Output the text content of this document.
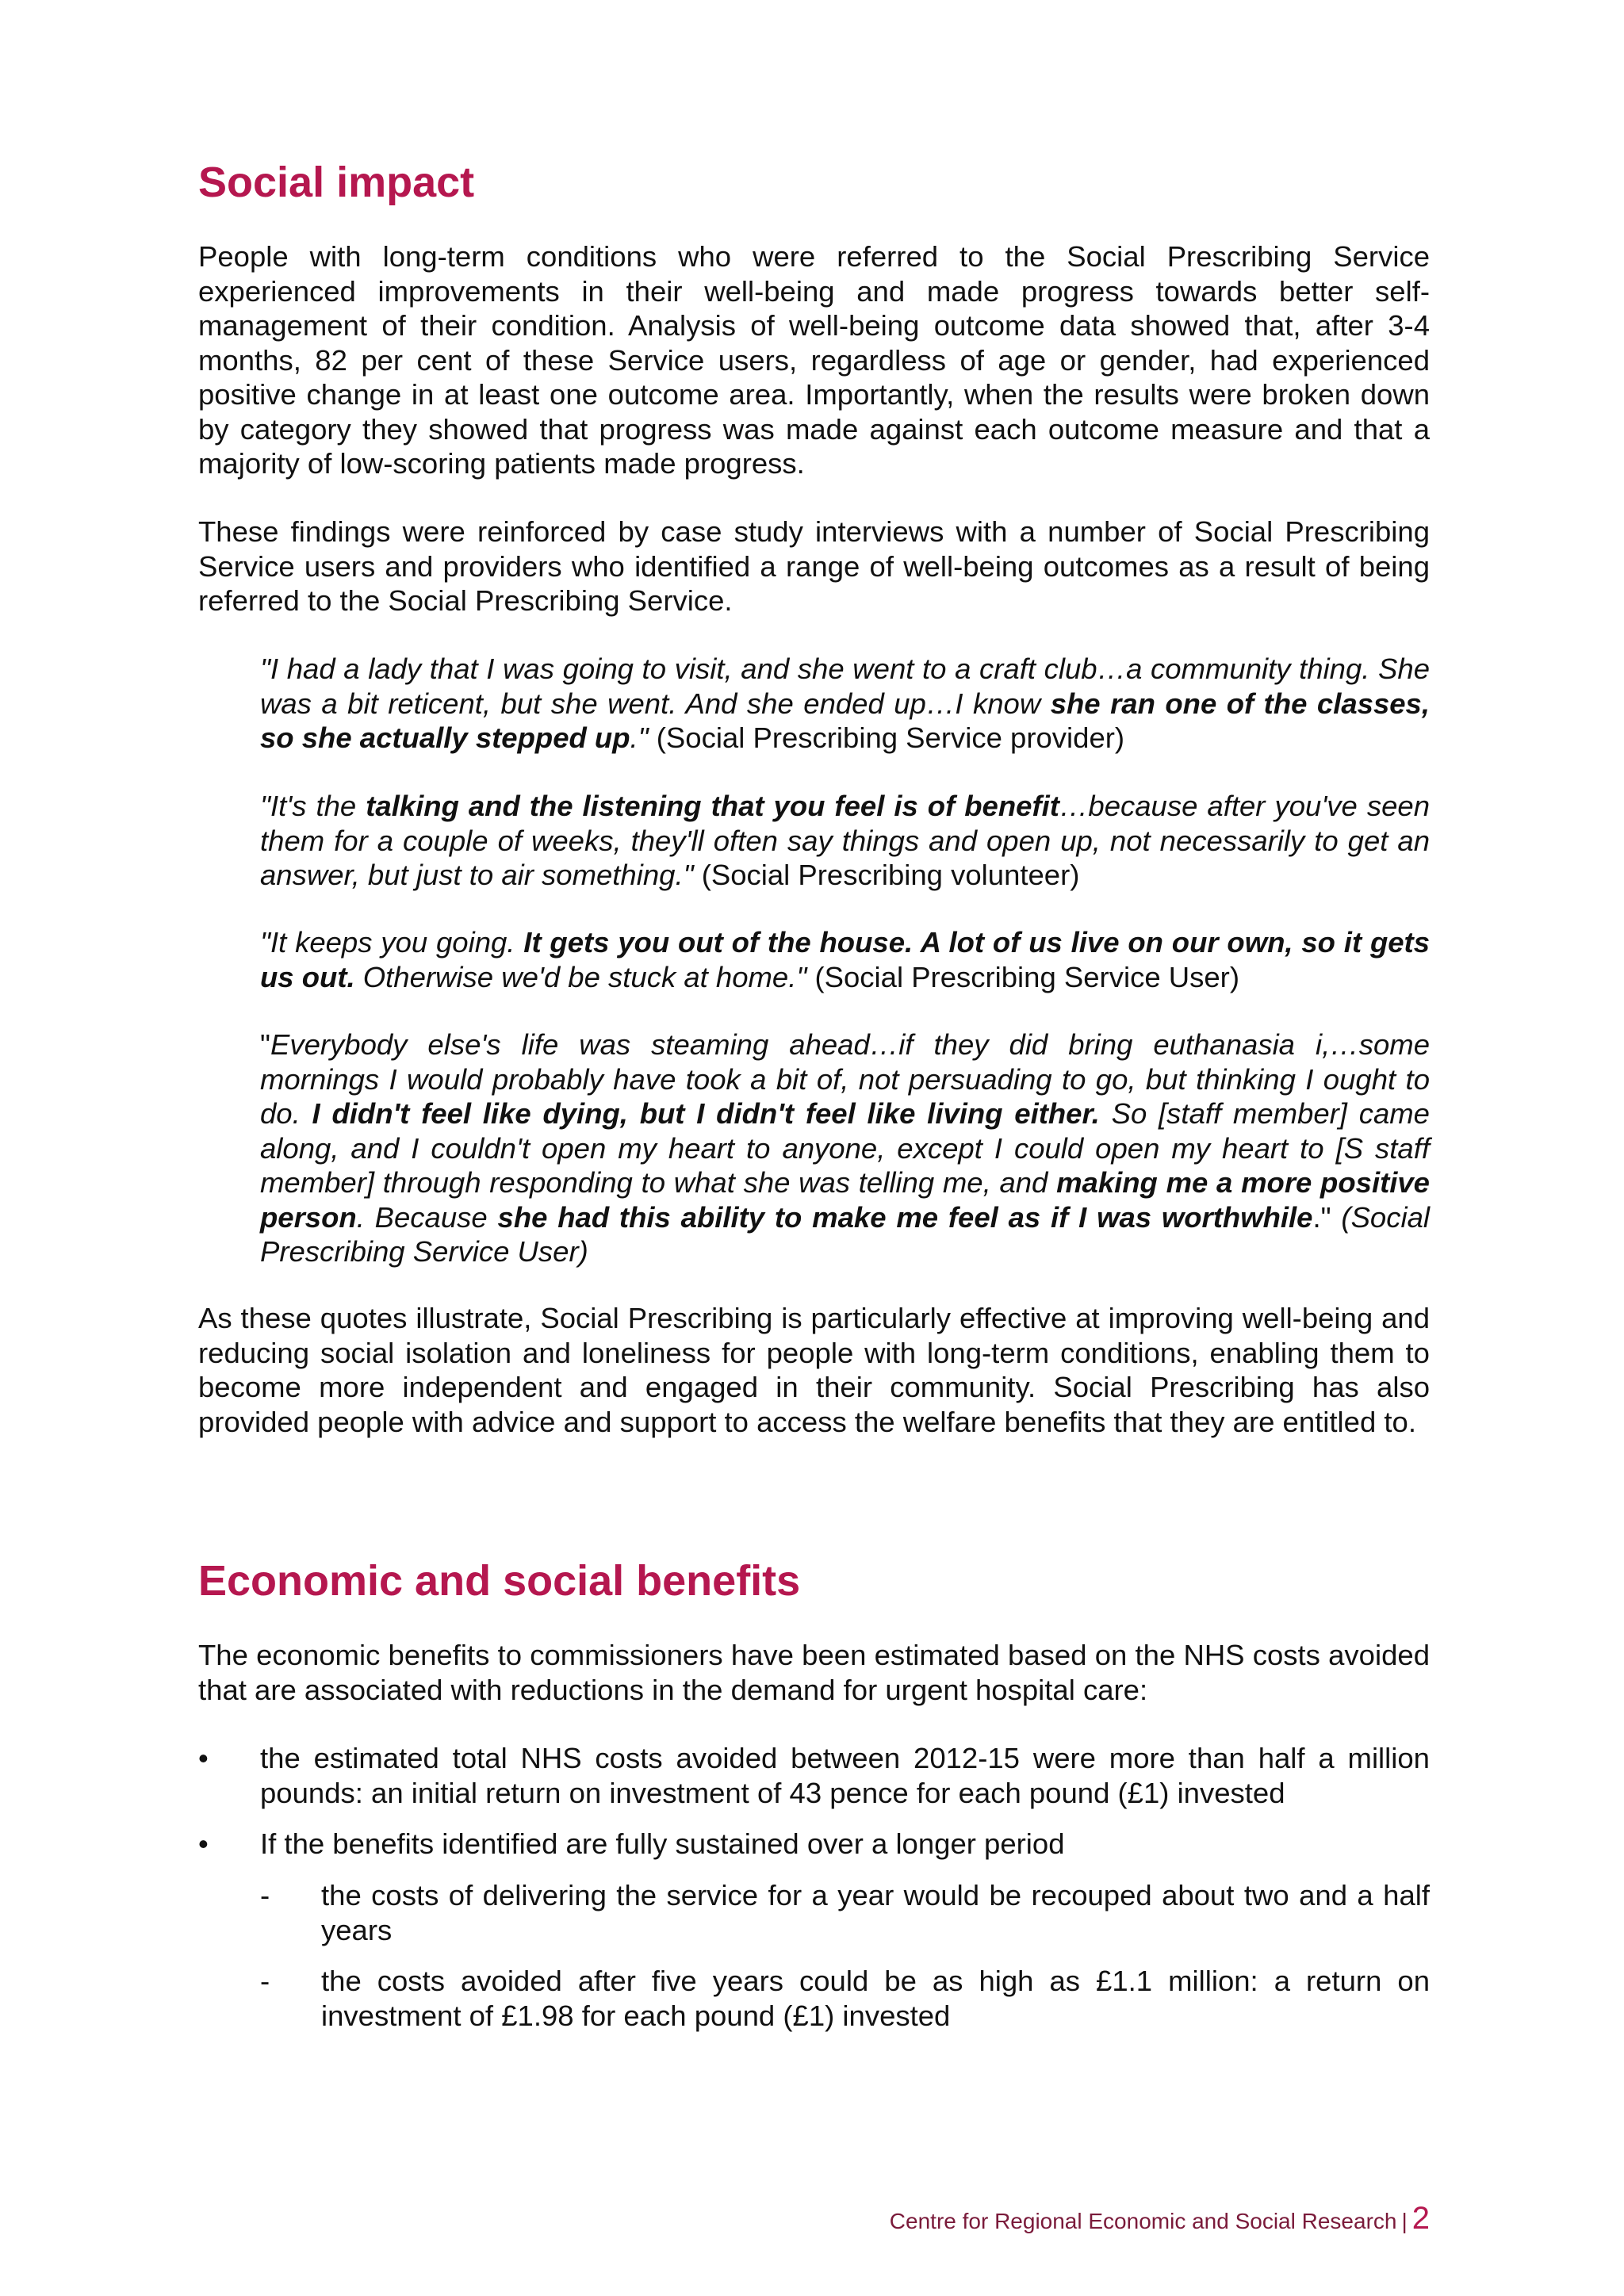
Social impact

People with long-term conditions who were referred to the Social Prescribing Service experienced improvements in their well-being and made progress towards better self-management of their condition. Analysis of well-being outcome data showed that, after 3-4 months, 82 per cent of these Service users, regardless of age or gender, had experienced positive change in at least one outcome area. Importantly, when the results were broken down by category they showed that progress was made against each outcome measure and that a majority of low-scoring patients made progress.

These findings were reinforced by case study interviews with a number of Social Prescribing Service users and providers who identified a range of well-being outcomes as a result of being referred to the Social Prescribing Service.

"I had a lady that I was going to visit, and she went to a craft club…a community thing. She was a bit reticent, but she went. And she ended up…I know she ran one of the classes, so she actually stepped up." (Social Prescribing Service provider)

"It's the talking and the listening that you feel is of benefit…because after you've seen them for a couple of weeks, they'll often say things and open up, not necessarily to get an answer, but just to air something." (Social Prescribing volunteer)

"It keeps you going. It gets you out of the house. A lot of us live on our own, so it gets us out. Otherwise we'd be stuck at home." (Social Prescribing Service User)

"Everybody else's life was steaming ahead…if they did bring euthanasia i,…some mornings I would probably have took a bit of, not persuading to go, but thinking I ought to do. I didn't feel like dying, but I didn't feel like living either. So [staff member] came along, and I couldn't open my heart to anyone, except I could open my heart to [S staff member] through responding to what she was telling me, and making me a more positive person. Because she had this ability to make me feel as if I was worthwhile." (Social Prescribing Service User)

As these quotes illustrate, Social Prescribing is particularly effective at improving well-being and reducing social isolation and loneliness for people with long-term conditions, enabling them to become more independent and engaged in their community. Social Prescribing has also provided people with advice and support to access the welfare benefits that they are entitled to.

Economic and social benefits

The economic benefits to commissioners have been estimated based on the NHS costs avoided that are associated with reductions in the demand for urgent hospital care:

• the estimated total NHS costs avoided between 2012-15 were more than half a million pounds: an initial return on investment of 43 pence for each pound (£1) invested
• If the benefits identified are fully sustained over a longer period
- the costs of delivering the service for a year would be recouped about two and a half years
- the costs avoided after five years could be as high as £1.1 million: a return on investment of £1.98 for each pound (£1) invested
Centre for Regional Economic and Social Research | 2
